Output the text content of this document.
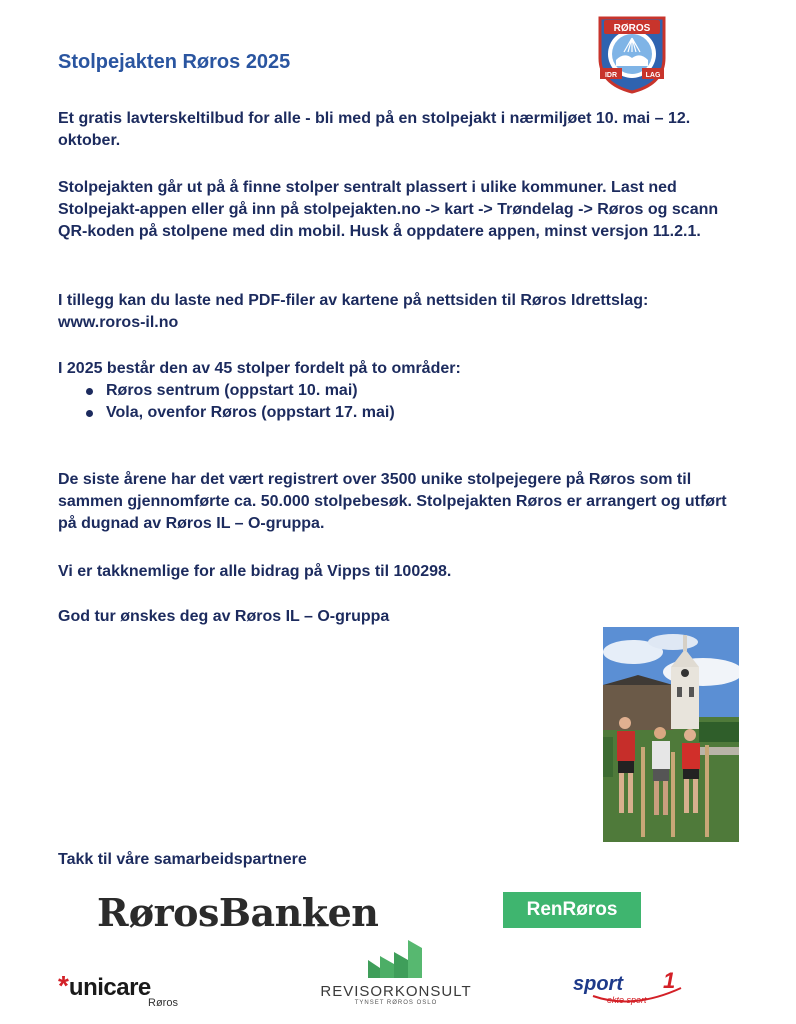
Stolpejakten Røros 2025
RØROS
IDR	LAG
Et gratis lavterskeltilbud for alle - bli med på en stolpejakt i nærmiljøet 10. mai – 12. oktober.
Stolpejakten går ut på å finne stolper sentralt plassert i ulike kommuner. Last ned Stolpejakt-appen eller gå inn på stolpejakten.no -> kart -> Trøndelag -> Røros og scann QR-koden på stolpene med din mobil. Husk å oppdatere appen, minst versjon 11.2.1.
I tillegg kan du laste ned PDF-filer av kartene på nettsiden til Røros Idrettslag: www.roros-il.no

I 2025 består den av 45 stolper fordelt på to områder:

Røros sentrum (oppstart 10. mai)
Vola, ovenfor Røros (oppstart 17. mai)
De siste årene har det vært registrert over 3500 unike stolpejegere på Røros som til sammen gjennomførte ca. 50.000 stolpebesøk. Stolpejakten Røros er arrangert og utført på dugnad av Røros IL – O-gruppa.
Vi er takknemlige for alle bidrag på Vipps til 100298.
God tur ønskes deg av Røros IL – O-gruppa
Takk til våre samarbeidspartnere
RørosBanken	RenRøros
*unicare
Røros
REVISORKONSULT
TYNSET RØROS OSLO
sport 1
ekte sport
